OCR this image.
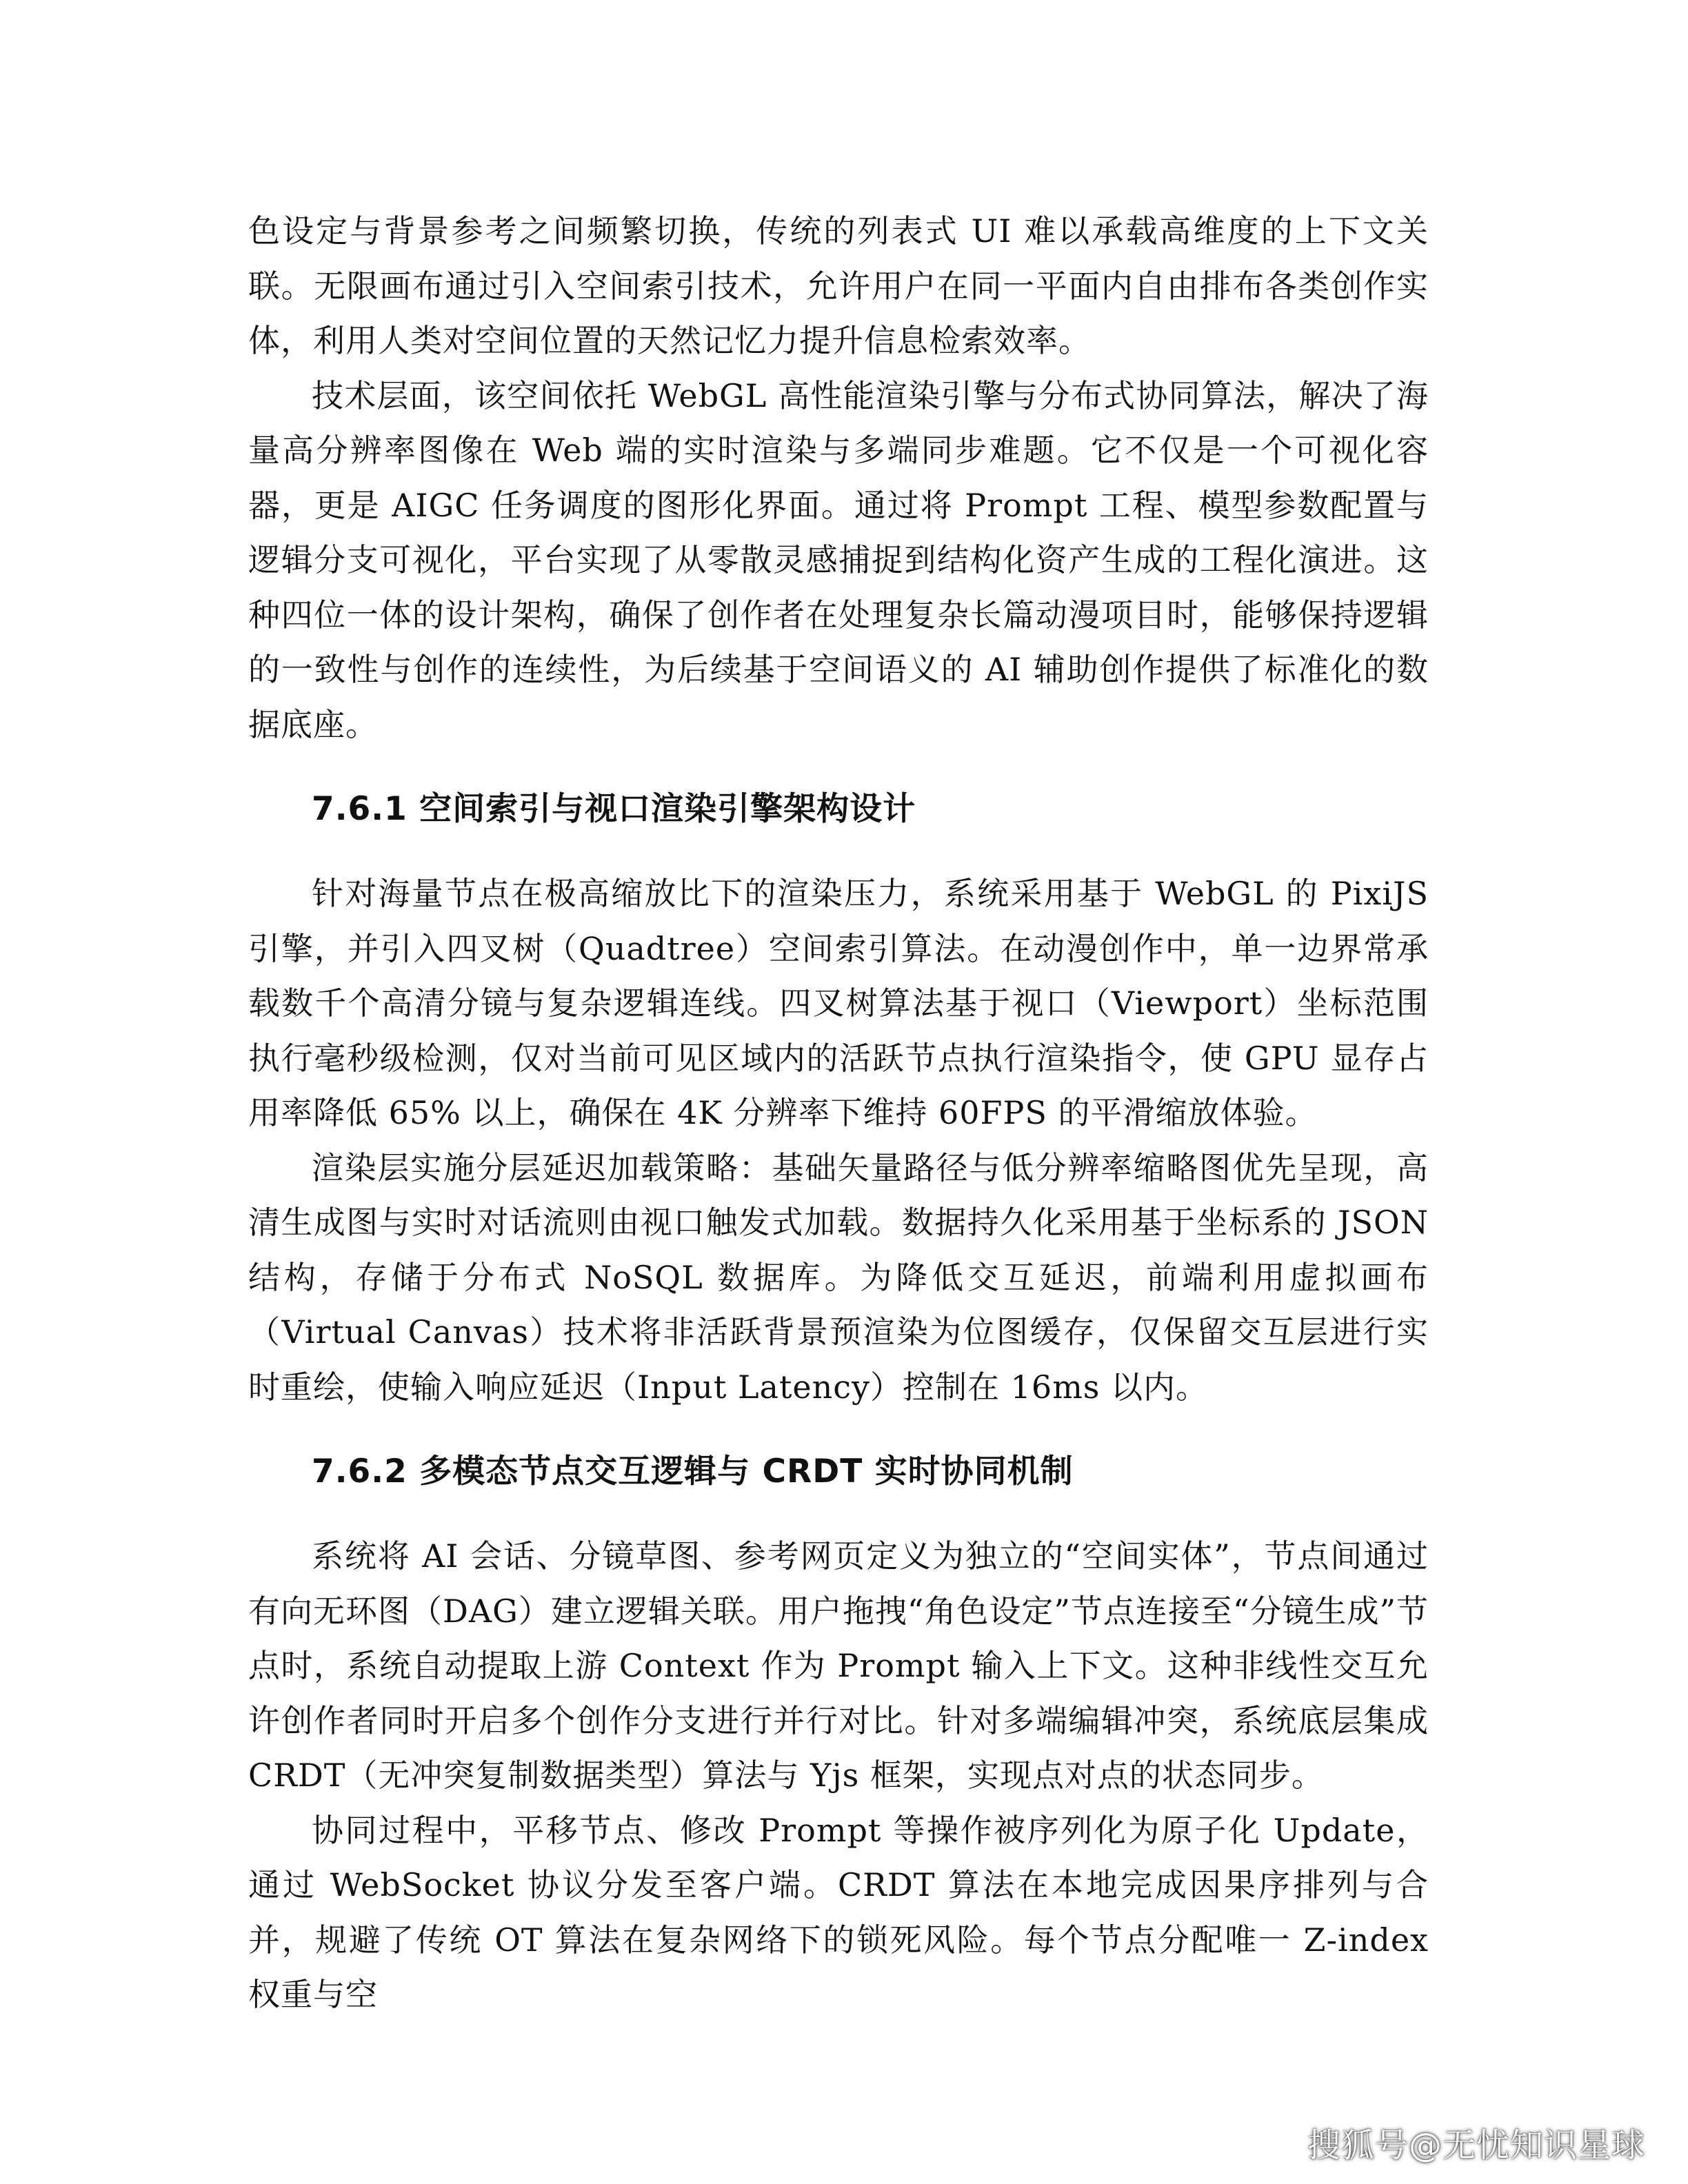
色设定与背景参考之间频繁切换，传统的列表式 UI 难以承载高维度的上下文关联。无限画布通过引入空间索引技术，允许用户在同一平面内自由排布各类创作实体，利用人类对空间位置的天然记忆力提升信息检索效率。

技术层面，该空间依托 WebGL 高性能渲染引擎与分布式协同算法，解决了海量高分辨率图像在 Web 端的实时渲染与多端同步难题。它不仅是一个可视化容器，更是 AIGC 任务调度的图形化界面。通过将 Prompt 工程、模型参数配置与逻辑分支可视化，平台实现了从零散灵感捕捉到结构化资产生成的工程化演进。这种四位一体的设计架构，确保了创作者在处理复杂长篇动漫项目时，能够保持逻辑的一致性与创作的连续性，为后续基于空间语义的 AI 辅助创作提供了标准化的数据底座。

7.6.1 空间索引与视口渲染引擎架构设计

针对海量节点在极高缩放比下的渲染压力，系统采用基于 WebGL 的 PixiJS 引擎，并引入四叉树（Quadtree）空间索引算法。在动漫创作中，单一边界常承载数千个高清分镜与复杂逻辑连线。四叉树算法基于视口（Viewport）坐标范围执行毫秒级检测，仅对当前可见区域内的活跃节点执行渲染指令，使 GPU 显存占用率降低 65% 以上，确保在 4K 分辨率下维持 60FPS 的平滑缩放体验。

渲染层实施分层延迟加载策略：基础矢量路径与低分辨率缩略图优先呈现，高清生成图与实时对话流则由视口触发式加载。数据持久化采用基于坐标系的 JSON 结构，存储于分布式 NoSQL 数据库。为降低交互延迟，前端利用虚拟画布（Virtual Canvas）技术将非活跃背景预渲染为位图缓存，仅保留交互层进行实时重绘，使输入响应延迟（Input Latency）控制在 16ms 以内。

7.6.2 多模态节点交互逻辑与 CRDT 实时协同机制

系统将 AI 会话、分镜草图、参考网页定义为独立的“空间实体”，节点间通过有向无环图（DAG）建立逻辑关联。用户拖拽“角色设定”节点连接至“分镜生成”节点时，系统自动提取上游 Context 作为 Prompt 输入上下文。这种非线性交互允许创作者同时开启多个创作分支进行并行对比。针对多端编辑冲突，系统底层集成 CRDT（无冲突复制数据类型）算法与 Yjs 框架，实现点对点的状态同步。

协同过程中，平移节点、修改 Prompt 等操作被序列化为原子化 Update，通过 WebSocket 协议分发至客户端。CRDT 算法在本地完成因果序排列与合并，规避了传统 OT 算法在复杂网络下的锁死风险。每个节点分配唯一 Z-index 权重与空

搜狐号@无忧知识星球
